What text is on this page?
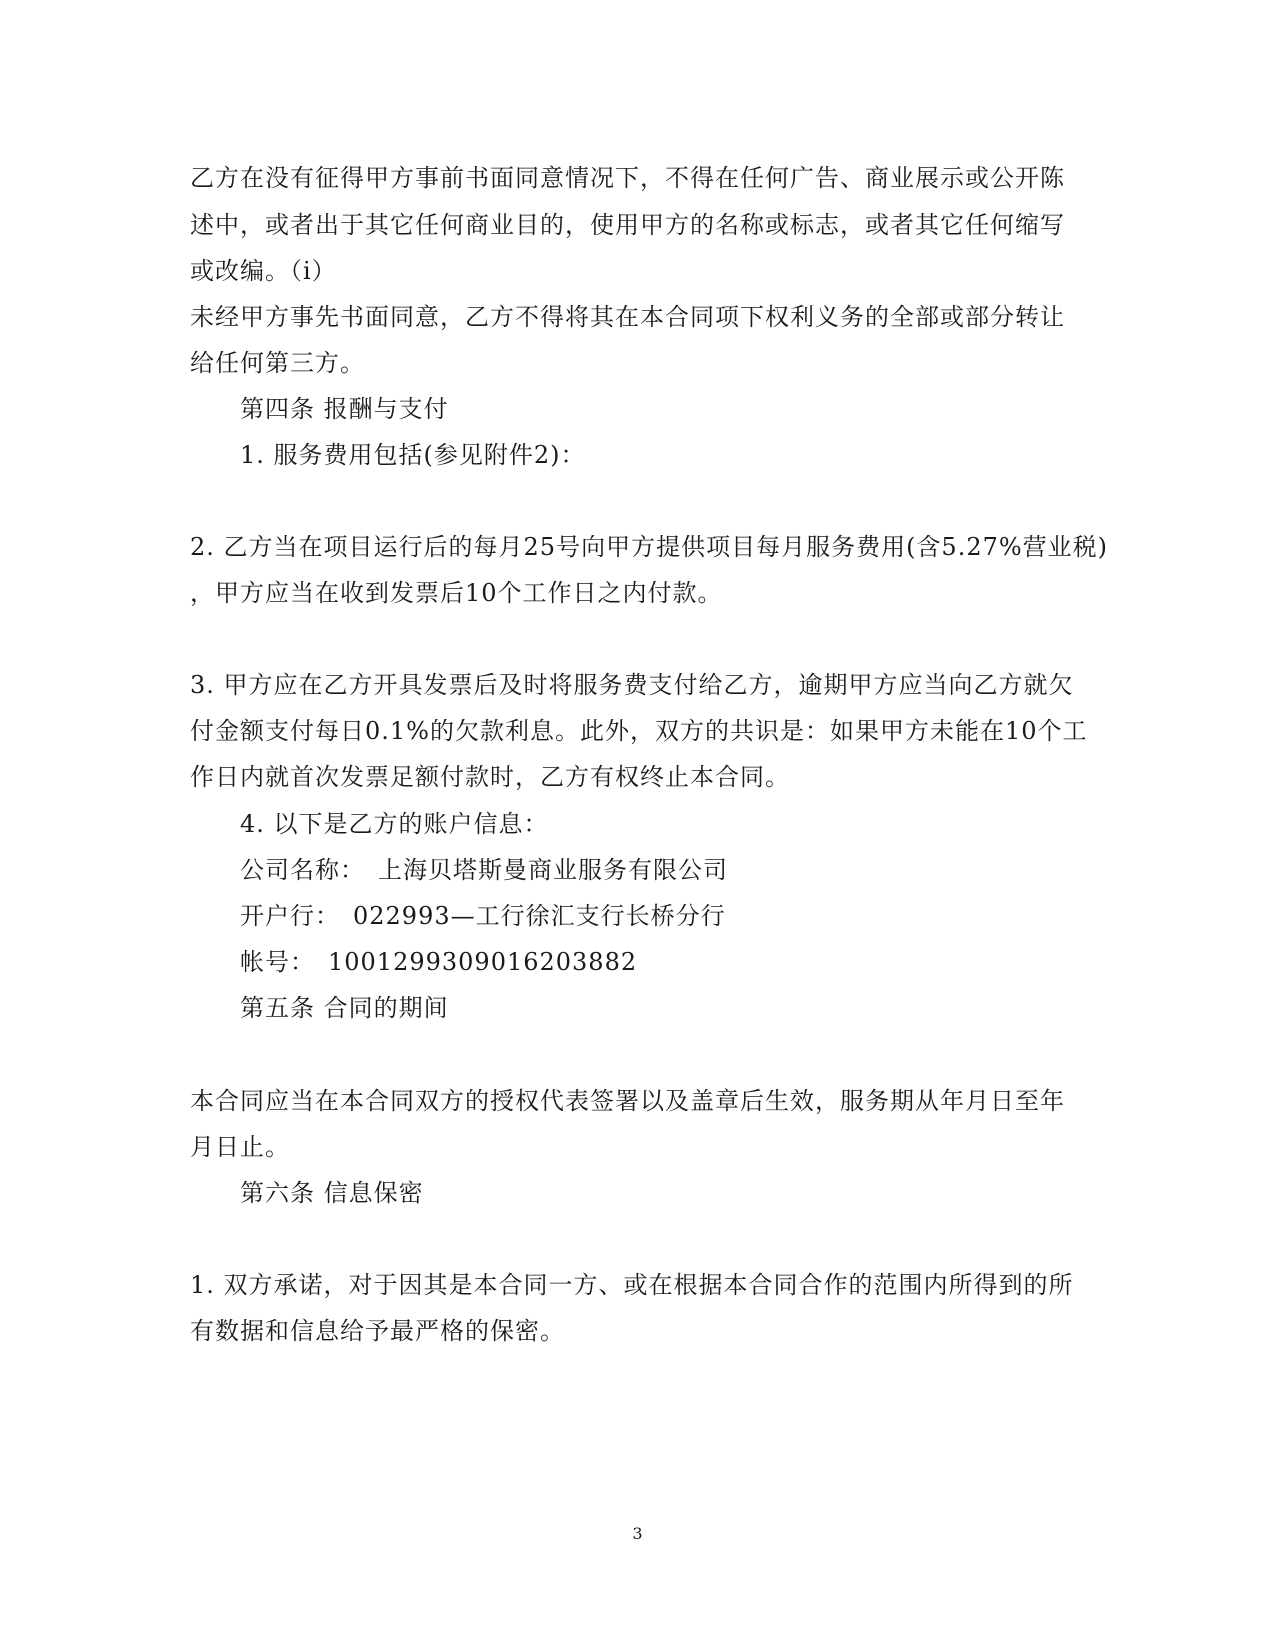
乙方在没有征得甲方事前书面同意情况下，不得在任何广告、商业展示或公开陈
述中，或者出于其它任何商业目的，使用甲方的名称或标志，或者其它任何缩写
或改编。（i）
未经甲方事先书面同意，乙方不得将其在本合同项下权利义务的全部或部分转让
给任何第三方。
第四条 报酬与支付
1. 服务费用包括(参见附件2)：
2. 乙方当在项目运行后的每月25号向甲方提供项目每月服务费用(含5.27%营业税)
，甲方应当在收到发票后10个工作日之内付款。
3. 甲方应在乙方开具发票后及时将服务费支付给乙方，逾期甲方应当向乙方就欠
付金额支付每日0.1%的欠款利息。此外，双方的共识是：如果甲方未能在10个工
作日内就首次发票足额付款时，乙方有权终止本合同。
4. 以下是乙方的账户信息：
公司名称：　上海贝塔斯曼商业服务有限公司
开户行：　022993—工行徐汇支行长桥分行
帐号：　1001299309016203882
第五条 合同的期间
本合同应当在本合同双方的授权代表签署以及盖章后生效，服务期从年月日至年
月日止。
第六条 信息保密
1. 双方承诺，对于因其是本合同一方、或在根据本合同合作的范围内所得到的所
有数据和信息给予最严格的保密。
3
